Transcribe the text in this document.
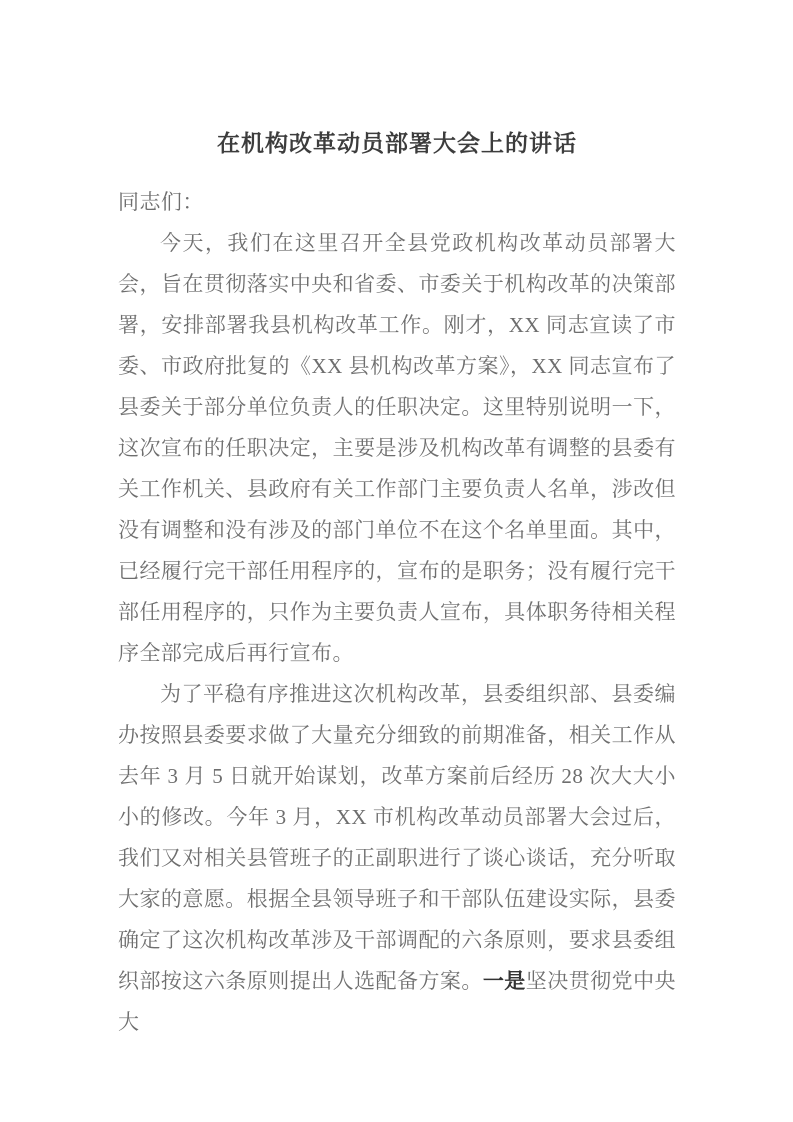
在机构改革动员部署大会上的讲话

同志们：

今天，我们在这里召开全县党政机构改革动员部署大会，旨在贯彻落实中央和省委、市委关于机构改革的决策部署，安排部署我县机构改革工作。刚才，XX 同志宣读了市委、市政府批复的《XX 县机构改革方案》，XX 同志宣布了县委关于部分单位负责人的任职决定。这里特别说明一下，这次宣布的任职决定，主要是涉及机构改革有调整的县委有关工作机关、县政府有关工作部门主要负责人名单，涉改但没有调整和没有涉及的部门单位不在这个名单里面。其中，已经履行完干部任用程序的，宣布的是职务；没有履行完干部任用程序的，只作为主要负责人宣布，具体职务待相关程序全部完成后再行宣布。

为了平稳有序推进这次机构改革，县委组织部、县委编办按照县委要求做了大量充分细致的前期准备，相关工作从去年 3 月 5 日就开始谋划，改革方案前后经历 28 次大大小小的修改。今年 3 月，XX 市机构改革动员部署大会过后，我们又对相关县管班子的正副职进行了谈心谈话，充分听取大家的意愿。根据全县领导班子和干部队伍建设实际，县委确定了这次机构改革涉及干部调配的六条原则，要求县委组织部按这六条原则提出人选配备方案。一是坚决贯彻党中央大
